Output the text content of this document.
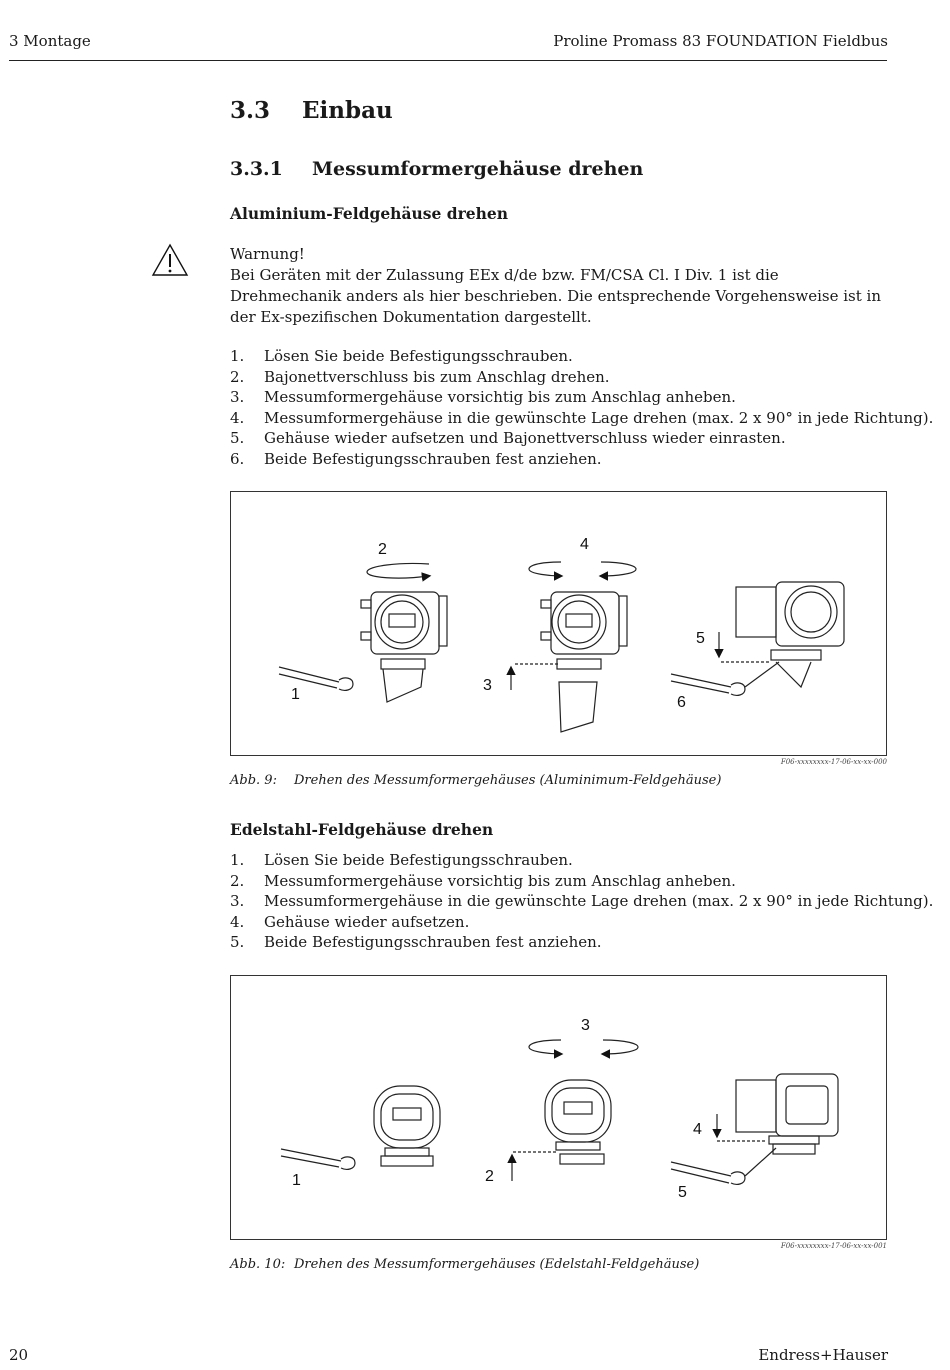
3 Montage	Proline Promass 83 FOUNDATION Fieldbus
3.3 Einbau
3.3.1 Messumformergehäuse drehen
Aluminium-Feldgehäuse drehen
Warnung!
Bei Geräten mit der Zulassung EEx d/de bzw. FM/CSA Cl. I Div. 1 ist die Drehmechanik anders als hier beschrieben. Die entsprechende Vorgehensweise ist in der Ex-spezifischen Dokumentation dargestellt.
1.	Lösen Sie beide Befestigungsschrauben.
2.	Bajonettverschluss bis zum Anschlag drehen.
3.	Messumformergehäuse vorsichtig bis zum Anschlag anheben.
4.	Messumformergehäuse in die gewünschte Lage drehen (max. 2 x 90° in jede Richtung).
5.	Gehäuse wieder aufsetzen und Bajonettverschluss wieder einrasten.
6.	Beide Befestigungsschrauben fest anziehen.
2	4
1
3
5
6
F06-xxxxxxxx-17-06-xx-xx-000
Abb. 9: Drehen des Messumformergehäuses (Aluminimum-Feldgehäuse)
Edelstahl-Feldgehäuse drehen
1.	Lösen Sie beide Befestigungsschrauben.
2.	Messumformergehäuse vorsichtig bis zum Anschlag anheben.
3.	Messumformergehäuse in die gewünschte Lage drehen (max. 2 x 90° in jede Richtung).
4.	Gehäuse wieder aufsetzen.
5.	Beide Befestigungsschrauben fest anziehen.
1	2
3
4
5
F06-xxxxxxxx-17-06-xx-xx-001
Abb. 10: Drehen des Messumformergehäuses (Edelstahl-Feldgehäuse)
20	Endress+Hauser
